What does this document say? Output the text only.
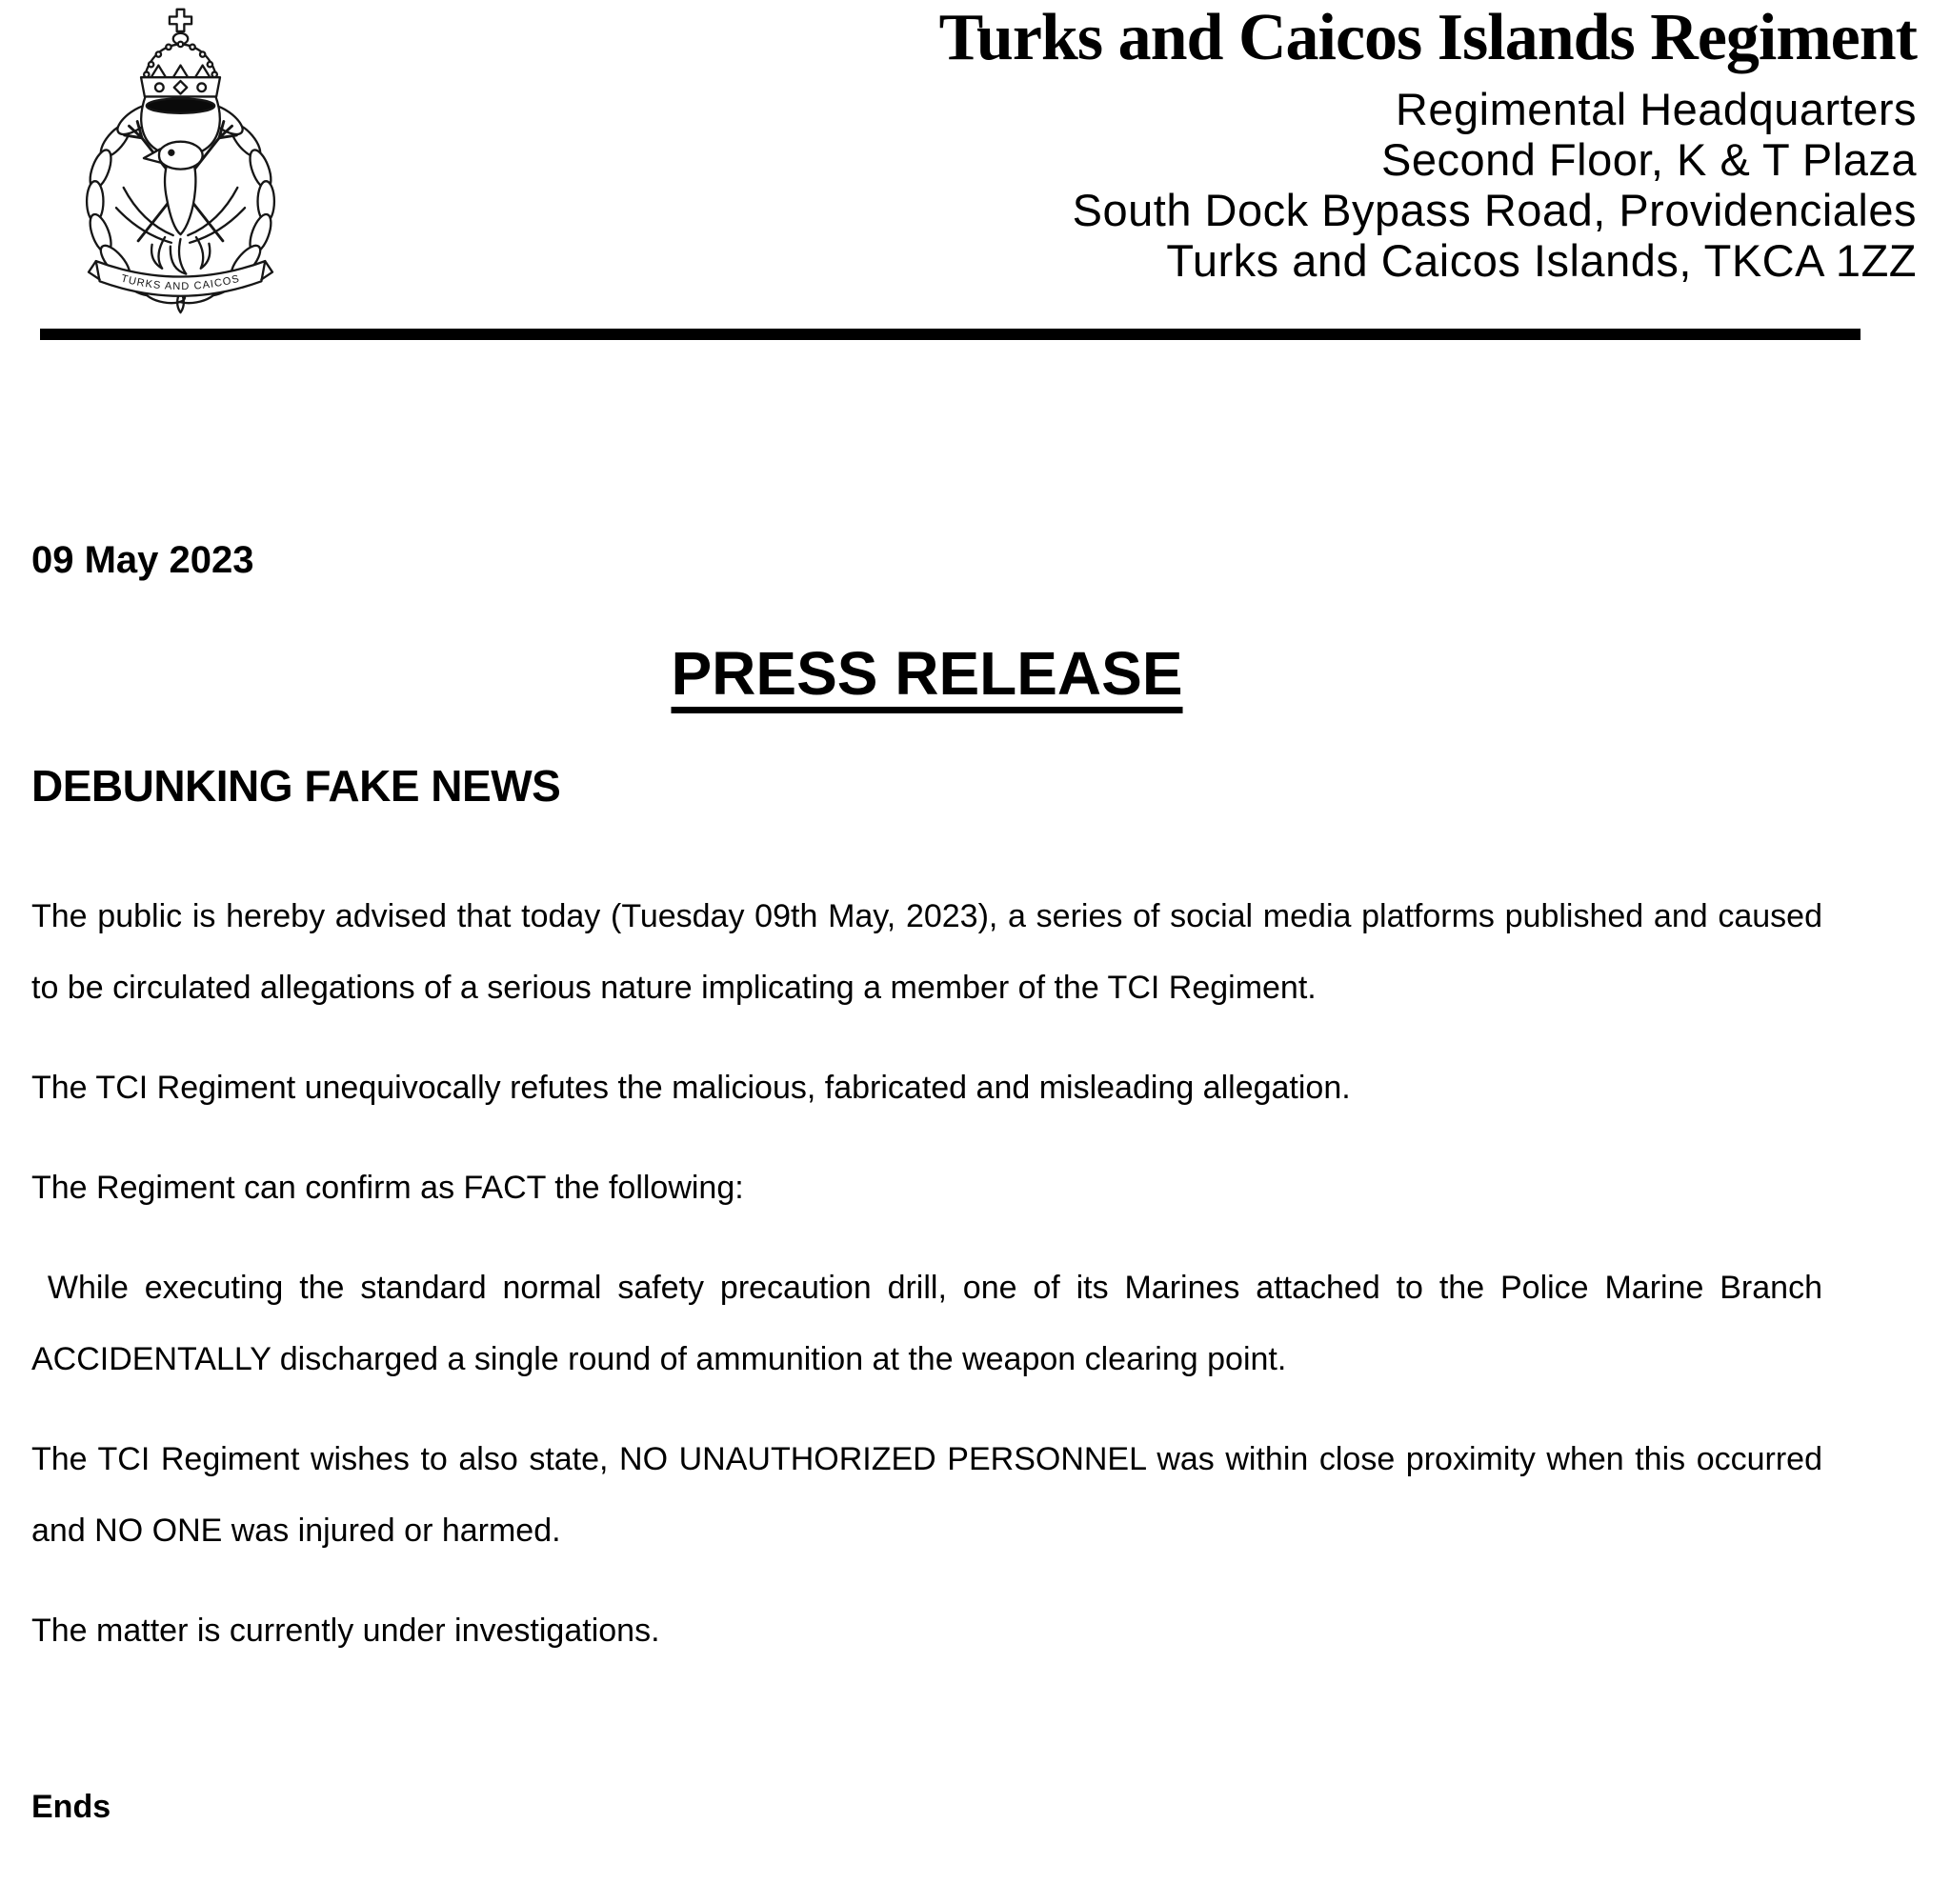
TURKS AND CAICOS
Turks and Caicos Islands Regiment
Regimental Headquarters
Second Floor, K & T Plaza
South Dock Bypass Road, Providenciales
Turks and Caicos Islands, TKCA 1ZZ
09 May 2023
PRESS RELEASE
DEBUNKING FAKE NEWS

The public is hereby advised that today (Tuesday 09th May, 2023), a series of social media platforms published and caused to be circulated allegations of a serious nature implicating a member of the TCI Regiment.

The TCI Regiment unequivocally refutes the malicious, fabricated and misleading allegation.

The Regiment can confirm as FACT the following:

While executing the standard normal safety precaution drill, one of its Marines attached to the Police Marine Branch ACCIDENTALLY discharged a single round of ammunition at the weapon clearing point.

The TCI Regiment wishes to also state, NO UNAUTHORIZED PERSONNEL was within close proximity when this occurred and NO ONE was injured or harmed.

The matter is currently under investigations.

Ends
